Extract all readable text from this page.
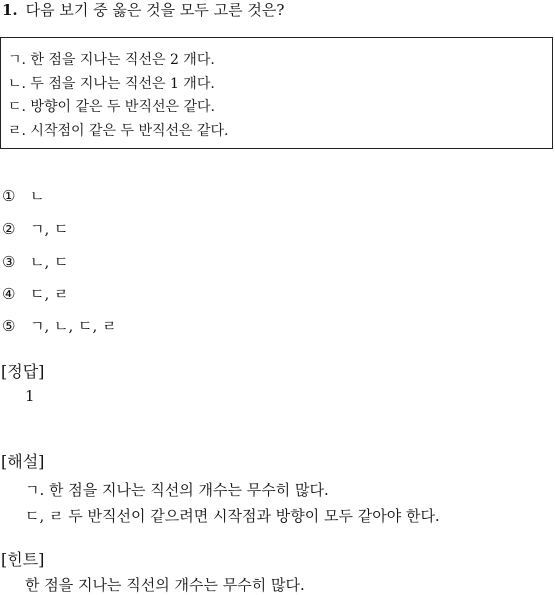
1. 다음 보기 중 옳은 것을 모두 고른 것은?
ㄱ. 한 점을 지나는 직선은 2 개다.
ㄴ. 두 점을 지나는 직선은 1 개다.
ㄷ. 방향이 같은 두 반직선은 같다.
ㄹ. 시작점이 같은 두 반직선은 같다.
① ㄴ
② ㄱ, ㄷ
③ ㄴ, ㄷ
④ ㄷ, ㄹ
⑤ ㄱ, ㄴ, ㄷ, ㄹ
[정답]
1
[해설]
ㄱ. 한 점을 지나는 직선의 개수는 무수히 많다.
ㄷ, ㄹ 두 반직선이 같으려면 시작점과 방향이 모두 같아야 한다.
[힌트]
한 점을 지나는 직선의 개수는 무수히 많다.
